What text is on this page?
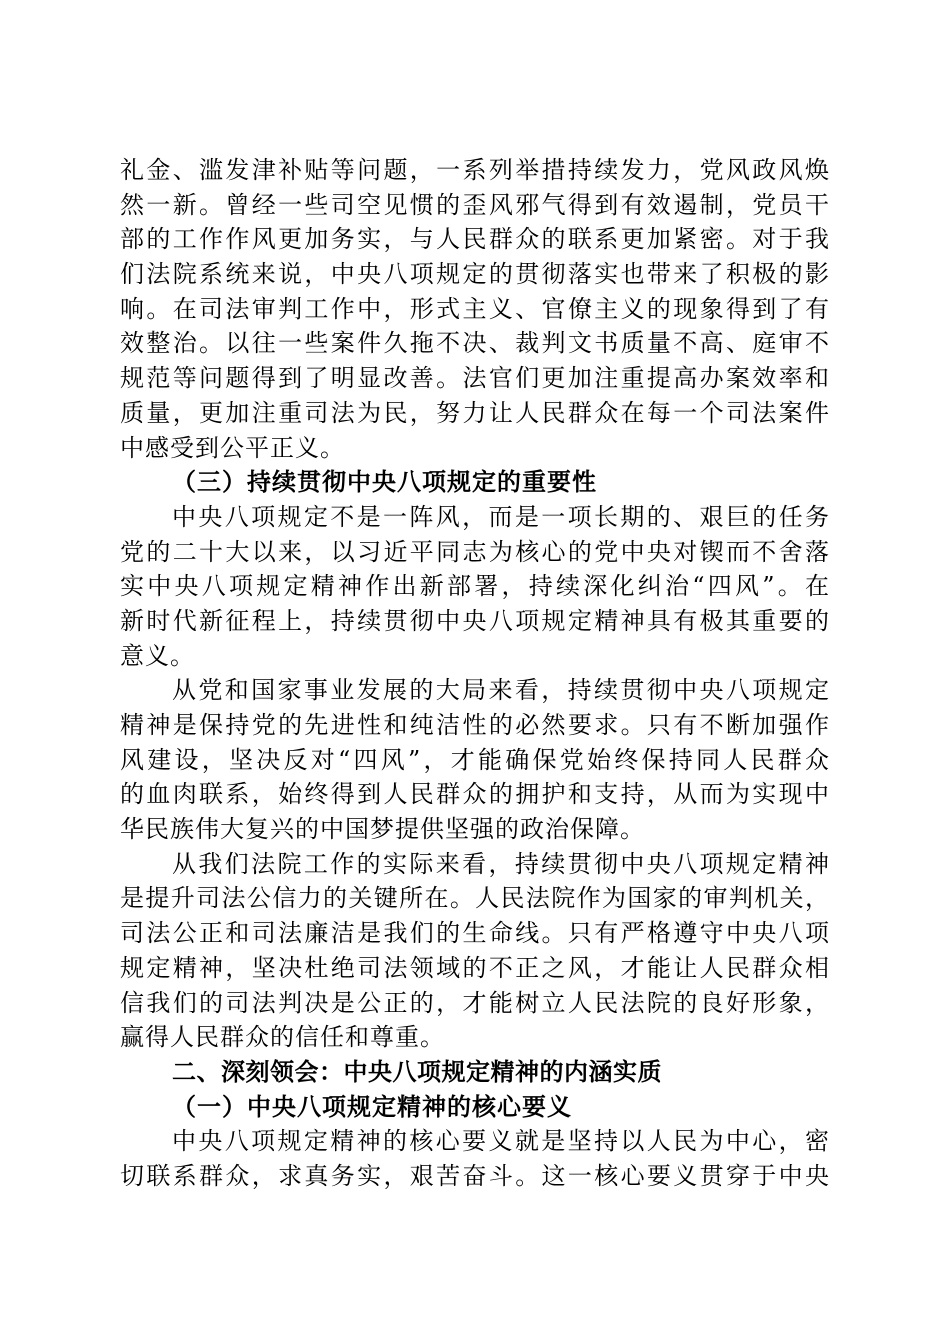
礼金、滥发津补贴等问题，一系列举措持续发力，党风政风焕
然一新。曾经一些司空见惯的歪风邪气得到有效遏制，党员干
部的工作作风更加务实，与人民群众的联系更加紧密。对于我
们法院系统来说，中央八项规定的贯彻落实也带来了积极的影
响。在司法审判工作中，形式主义、官僚主义的现象得到了有
效整治。以往一些案件久拖不决、裁判文书质量不高、庭审不
规范等问题得到了明显改善。法官们更加注重提高办案效率和
质量，更加注重司法为民，努力让人民群众在每一个司法案件
中感受到公平正义。
（三）持续贯彻中央八项规定的重要性
中央八项规定不是一阵风，而是一项长期的、艰巨的任务
党的二十大以来，以习近平同志为核心的党中央对锲而不舍落
实中央八项规定精神作出新部署，持续深化纠治“四风”。在
新时代新征程上，持续贯彻中央八项规定精神具有极其重要的
意义。
从党和国家事业发展的大局来看，持续贯彻中央八项规定
精神是保持党的先进性和纯洁性的必然要求。只有不断加强作
风建设，坚决反对“四风”，才能确保党始终保持同人民群众
的血肉联系，始终得到人民群众的拥护和支持，从而为实现中
华民族伟大复兴的中国梦提供坚强的政治保障。
从我们法院工作的实际来看，持续贯彻中央八项规定精神
是提升司法公信力的关键所在。人民法院作为国家的审判机关，
司法公正和司法廉洁是我们的生命线。只有严格遵守中央八项
规定精神，坚决杜绝司法领域的不正之风，才能让人民群众相
信我们的司法判决是公正的，才能树立人民法院的良好形象，
赢得人民群众的信任和尊重。
二、深刻领会：中央八项规定精神的内涵实质
（一）中央八项规定精神的核心要义
中央八项规定精神的核心要义就是坚持以人民为中心，密
切联系群众，求真务实，艰苦奋斗。这一核心要义贯穿于中央
